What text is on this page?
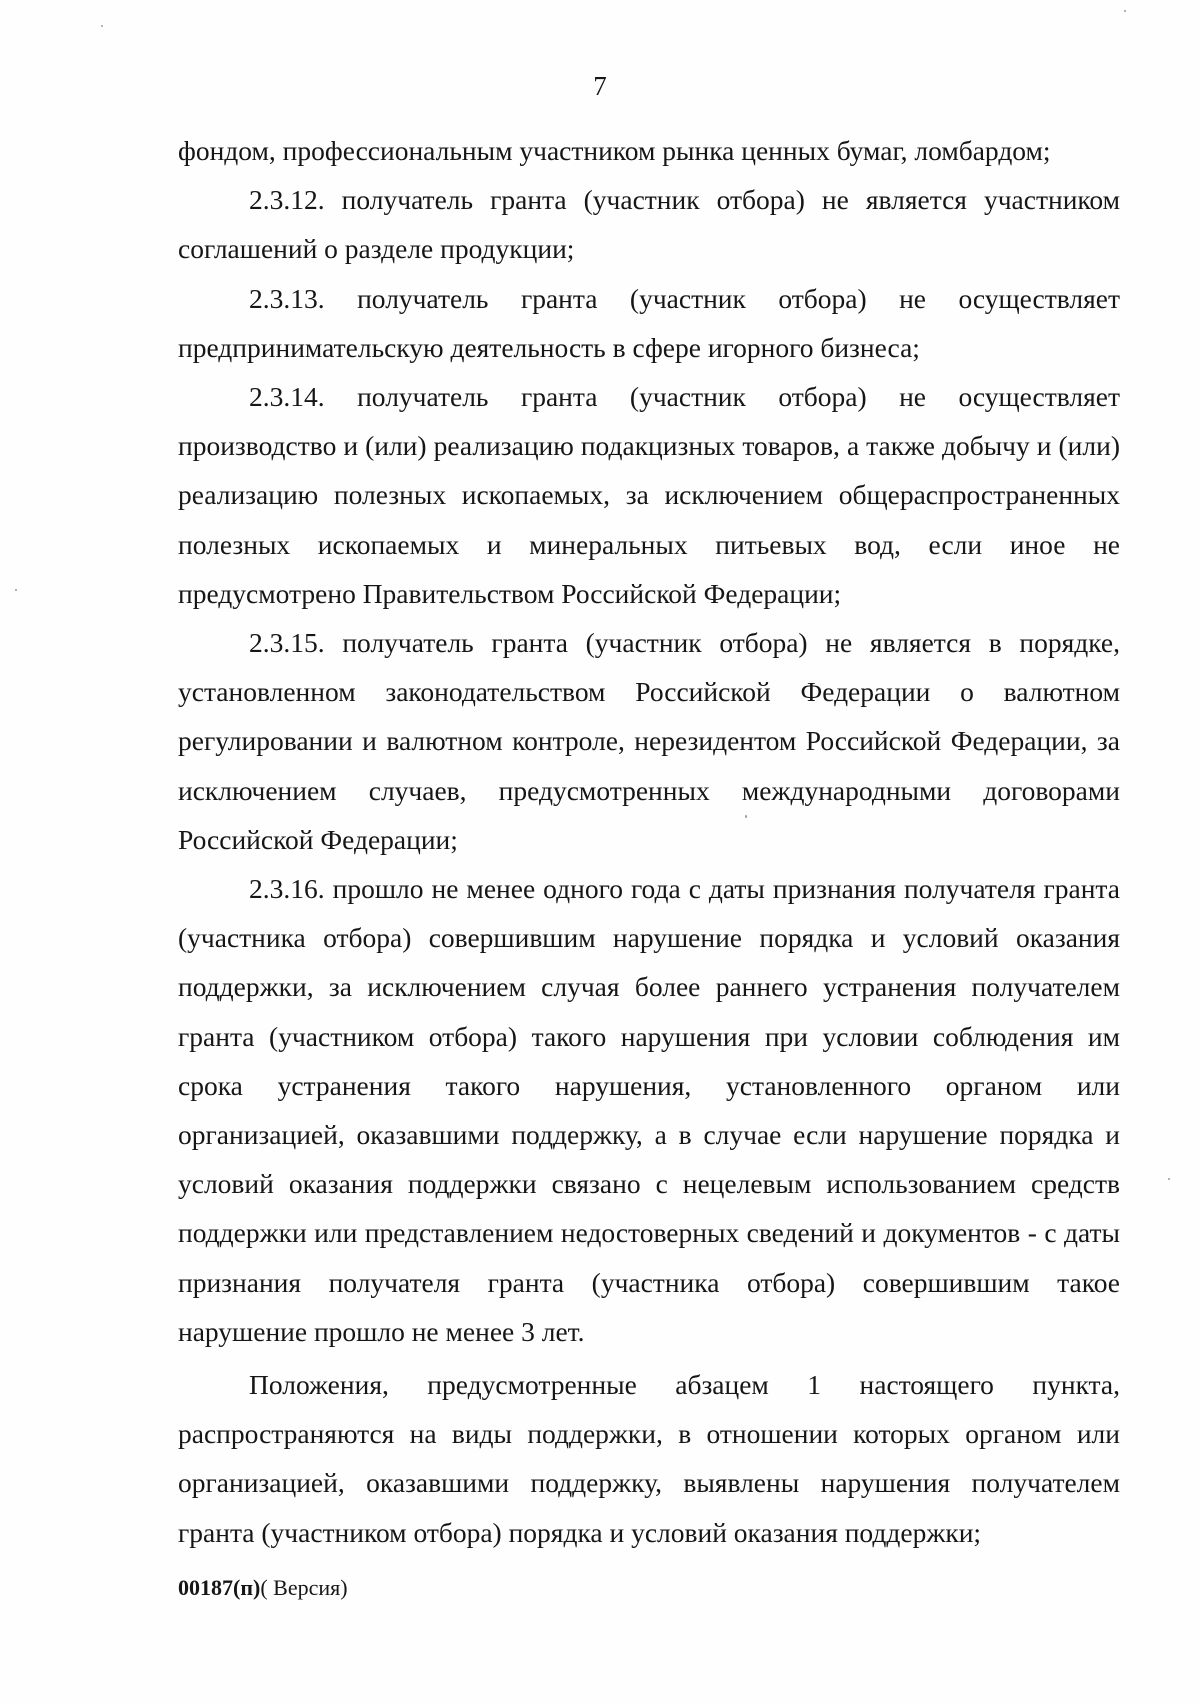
7

фондом, профессиональным участником рынка ценных бумаг, ломбардом;

2.3.12. получатель гранта (участник отбора) не является участником соглашений о разделе продукции;

2.3.13. получатель гранта (участник отбора) не осуществляет предпринимательскую деятельность в сфере игорного бизнеса;

2.3.14. получатель гранта (участник отбора) не осуществляет производство и (или) реализацию подакцизных товаров, а также добычу и (или) реализацию полезных ископаемых, за исключением общераспространенных полезных ископаемых и минеральных питьевых вод, если иное не предусмотрено Правительством Российской Федерации;

2.3.15. получатель гранта (участник отбора) не является в порядке, установленном законодательством Российской Федерации о валютном регулировании и валютном контроле, нерезидентом Российской Федерации, за исключением случаев, предусмотренных международными договорами Российской Федерации;

2.3.16. прошло не менее одного года с даты признания получателя гранта (участника отбора) совершившим нарушение порядка и условий оказания поддержки, за исключением случая более раннего устранения получателем гранта (участником отбора) такого нарушения при условии соблюдения им срока устранения такого нарушения, установленного органом или организацией, оказавшими поддержку, а в случае если нарушение порядка и условий оказания поддержки связано с нецелевым использованием средств поддержки или представлением недостоверных сведений и документов - с даты признания получателя гранта (участника отбора) совершившим такое нарушение прошло не менее 3 лет.

Положения, предусмотренные абзацем 1 настоящего пункта, распространяются на виды поддержки, в отношении которых органом или организацией, оказавшими поддержку, выявлены нарушения получателем гранта (участником отбора) порядка и условий оказания поддержки;

00187(п)( Версия)
